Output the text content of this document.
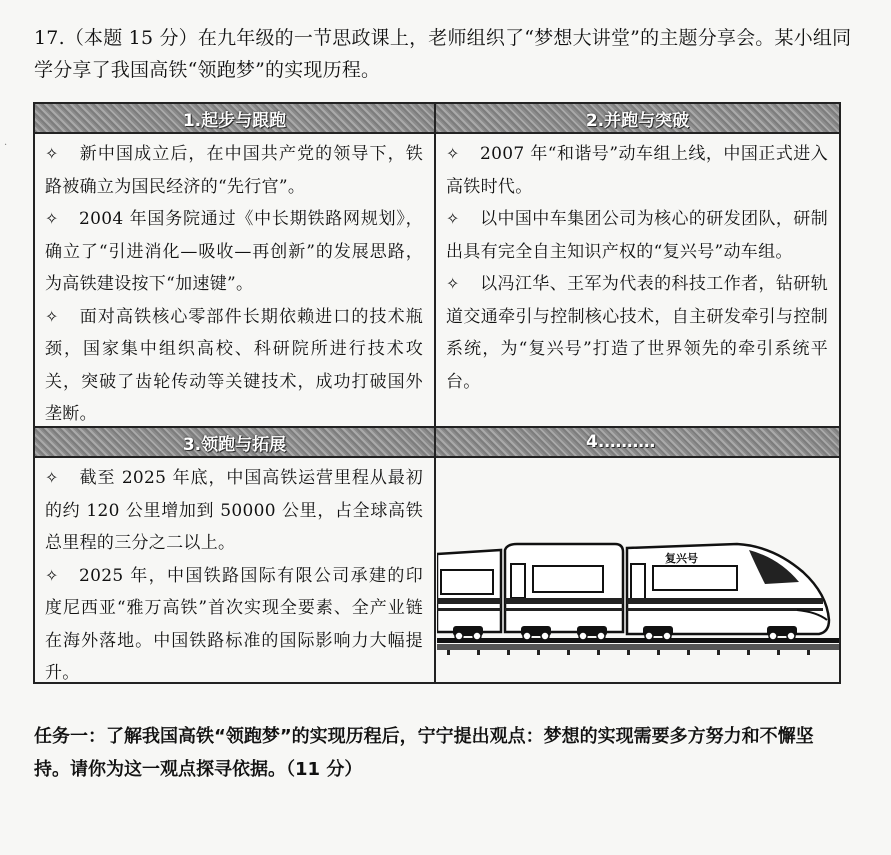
17.（本题 15 分）在九年级的一节思政课上，老师组织了“梦想大讲堂”的主题分享会。某小组同学分享了我国高铁“领跑梦”的实现历程。
·
1.起步与跟跑	2.并跑与突破
3.领跑与拓展	4.………

✧ 新中国成立后，在中国共产党的领导下，铁路被确立为国民经济的“先行官”。

✧ 2004 年国务院通过《中长期铁路网规划》，确立了“引进消化—吸收—再创新”的发展思路，为高铁建设按下“加速键”。

✧ 面对高铁核心零部件长期依赖进口的技术瓶颈，国家集中组织高校、科研院所进行技术攻关，突破了齿轮传动等关键技术，成功打破国外垄断。

✧ 2007 年“和谐号”动车组上线，中国正式进入高铁时代。

✧ 以中国中车集团公司为核心的研发团队，研制出具有完全自主知识产权的“复兴号”动车组。

✧ 以冯江华、王军为代表的科技工作者，钻研轨道交通牵引与控制核心技术，自主研发牵引与控制系统，为“复兴号”打造了世界领先的牵引系统平台。

✧ 截至 2025 年底，中国高铁运营里程从最初的约 120 公里增加到 50000 公里，占全球高铁总里程的三分之二以上。

✧ 2025 年，中国铁路国际有限公司承建的印度尼西亚“雅万高铁”首次实现全要素、全产业链在海外落地。中国铁路标准的国际影响力大幅提升。

复兴号
任务一：了解我国高铁“领跑梦”的实现历程后，宁宁提出观点：梦想的实现需要多方努力和不懈坚持。请你为这一观点探寻依据。（11 分）
